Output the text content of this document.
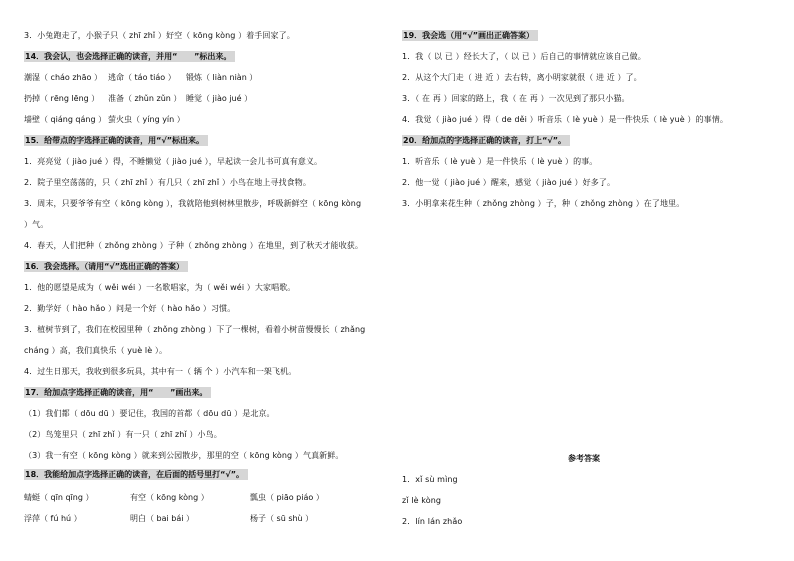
3．小兔跑走了，小猴子只（ zhī zhǐ ）好空（ kōng kòng ）着手回家了。
14．我会认，也会选择正确的读音，并用“      ”标出来。
潮湿（ cháo zhāo ） 逃命（ táo tiáo ） 锻炼（ liàn niàn ）
扔掉（ rēng lēng ） 准备（ zhǔn zǔn ） 睡觉（ jiào jué ）
墙壁（ qiáng qáng ） 萤火虫（ yíng yín ）
15．给带点的字选择正确的读音，用“√”标出来。
1．亮亮觉（ jiào jué ）得，不睡懒觉（ jiào jué ），早起读一会儿书可真有意义。
2．院子里空荡荡的，只（ zhī zhǐ ）有几只（ zhī zhǐ ）小鸟在地上寻找食物。
3．周末，只要爷爷有空（ kōng kòng ），我就陪他到树林里散步，呼吸新鲜空（ kōng kòng
）气。
4．春天，人们把种（ zhǒng zhòng ）子种（ zhǒng zhòng ）在地里，到了秋天才能收获。
16．我会选择。（请用“√”选出正确的答案）
1．他的愿望是成为（ wěi wéi ）一名歌唱家，为（ wěi wéi ）大家唱歌。
2．勤学好（ hào hǎo ）问是一个好（ hào hǎo ）习惯。
3．植树节到了，我们在校园里种（ zhǒng zhòng ）下了一棵树，看着小树苗慢慢长（ zhǎng
cháng ）高，我们真快乐（ yuè lè ）。
4．过生日那天，我收到很多玩具，其中有一（ 辆 个 ）小汽车和一架飞机。
17．给加点字选择正确的读音，用“      ”画出来。
（1）我们都（ dōu dū ）要记住，我国的首都（ dōu dū ）是北京。
（2）鸟笼里只（ zhī zhǐ ）有一只（ zhī zhǐ ）小鸟。
（3）我一有空（ kōng kòng ）就来到公园散步，那里的空（ kōng kòng ）气真新鲜。
18．我能给加点字选择正确的读音，在后面的括号里打“√”。
蜻蜓（ qīn qīng ）	有空（ kōng kòng ）	瓢虫（ piāo piáo ）
浮萍（ fú hú ）	明白（ bai bái ）	杨子（ sū shù ）
19．我会选（用“√”画出正确答案）
1．我（ 以 已 ）经长大了，（ 以 已 ）后自己的事情就应该自己做。
2．从这个大门走（ 进 近 ）去右转，离小明家就很（ 进 近 ）了。
3．（ 在 再 ）回家的路上，我（ 在 再 ）一次见到了那只小猫。
4．我觉（ jiào jué ）得（ de děi ）听音乐（ lè yuè ）是一件快乐（ lè yuè ）的事情。
20．给加点的字选择正确的读音，打上“√”。
1．听音乐（ lè yuè ）是一件快乐（ lè yuè ）的事。
2．他一觉（ jiào jué ）醒来，感觉（ jiào jué ）好多了。
3．小明拿来花生种（ zhǒng zhòng ）子，种（ zhǒng zhòng ）在了地里。
参考答案
1．xǐ sù mìng
zǐ lè kòng
2．lín lán zhǎo
